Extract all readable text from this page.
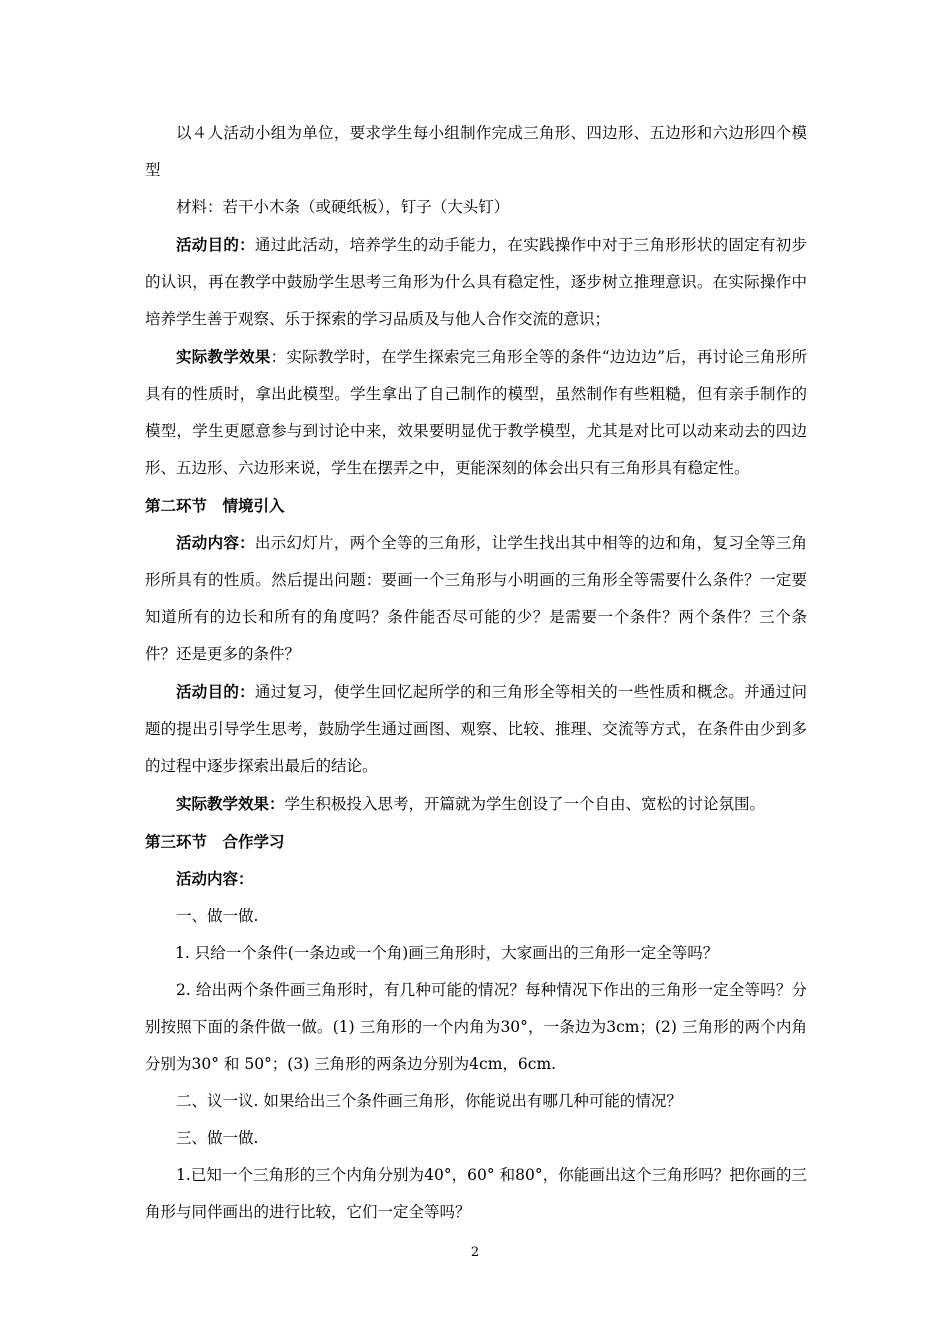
以４人活动小组为单位，要求学生每小组制作完成三角形、四边形、五边形和六边形四个模型

材料：若干小木条（或硬纸板），钉子（大头钉）

活动目的：通过此活动，培养学生的动手能力，在实践操作中对于三角形形状的固定有初步的认识，再在教学中鼓励学生思考三角形为什么具有稳定性，逐步树立推理意识。在实际操作中培养学生善于观察、乐于探索的学习品质及与他人合作交流的意识；

实际教学效果：实际教学时，在学生探索完三角形全等的条件“边边边”后，再讨论三角形所具有的性质时，拿出此模型。学生拿出了自己制作的模型，虽然制作有些粗糙，但有亲手制作的模型，学生更愿意参与到讨论中来，效果要明显优于教学模型，尤其是对比可以动来动去的四边形、五边形、六边形来说，学生在摆弄之中，更能深刻的体会出只有三角形具有稳定性。

第二环节　情境引入

活动内容：出示幻灯片，两个全等的三角形，让学生找出其中相等的边和角，复习全等三角形所具有的性质。然后提出问题：要画一个三角形与小明画的三角形全等需要什么条件？一定要知道所有的边长和所有的角度吗？条件能否尽可能的少？是需要一个条件？两个条件？三个条件？还是更多的条件？

活动目的：通过复习，使学生回忆起所学的和三角形全等相关的一些性质和概念。并通过问题的提出引导学生思考，鼓励学生通过画图、观察、比较、推理、交流等方式，在条件由少到多的过程中逐步探索出最后的结论。

实际教学效果：学生积极投入思考，开篇就为学生创设了一个自由、宽松的讨论氛围。

第三环节　合作学习

活动内容：

一、做一做.

1. 只给一个条件(一条边或一个角)画三角形时，大家画出的三角形一定全等吗？

2. 给出两个条件画三角形时，有几种可能的情况？每种情况下作出的三角形一定全等吗？分别按照下面的条件做一做。(1) 三角形的一个内角为30°，一条边为3cm；(2) 三角形的两个内角分别为30° 和 50°；(3) 三角形的两条边分别为4cm，6cm.

二、议一议. 如果给出三个条件画三角形，你能说出有哪几种可能的情况？

三、做一做.

1.已知一个三角形的三个内角分别为40°，60° 和80°，你能画出这个三角形吗？把你画的三角形与同伴画出的进行比较，它们一定全等吗？

2
